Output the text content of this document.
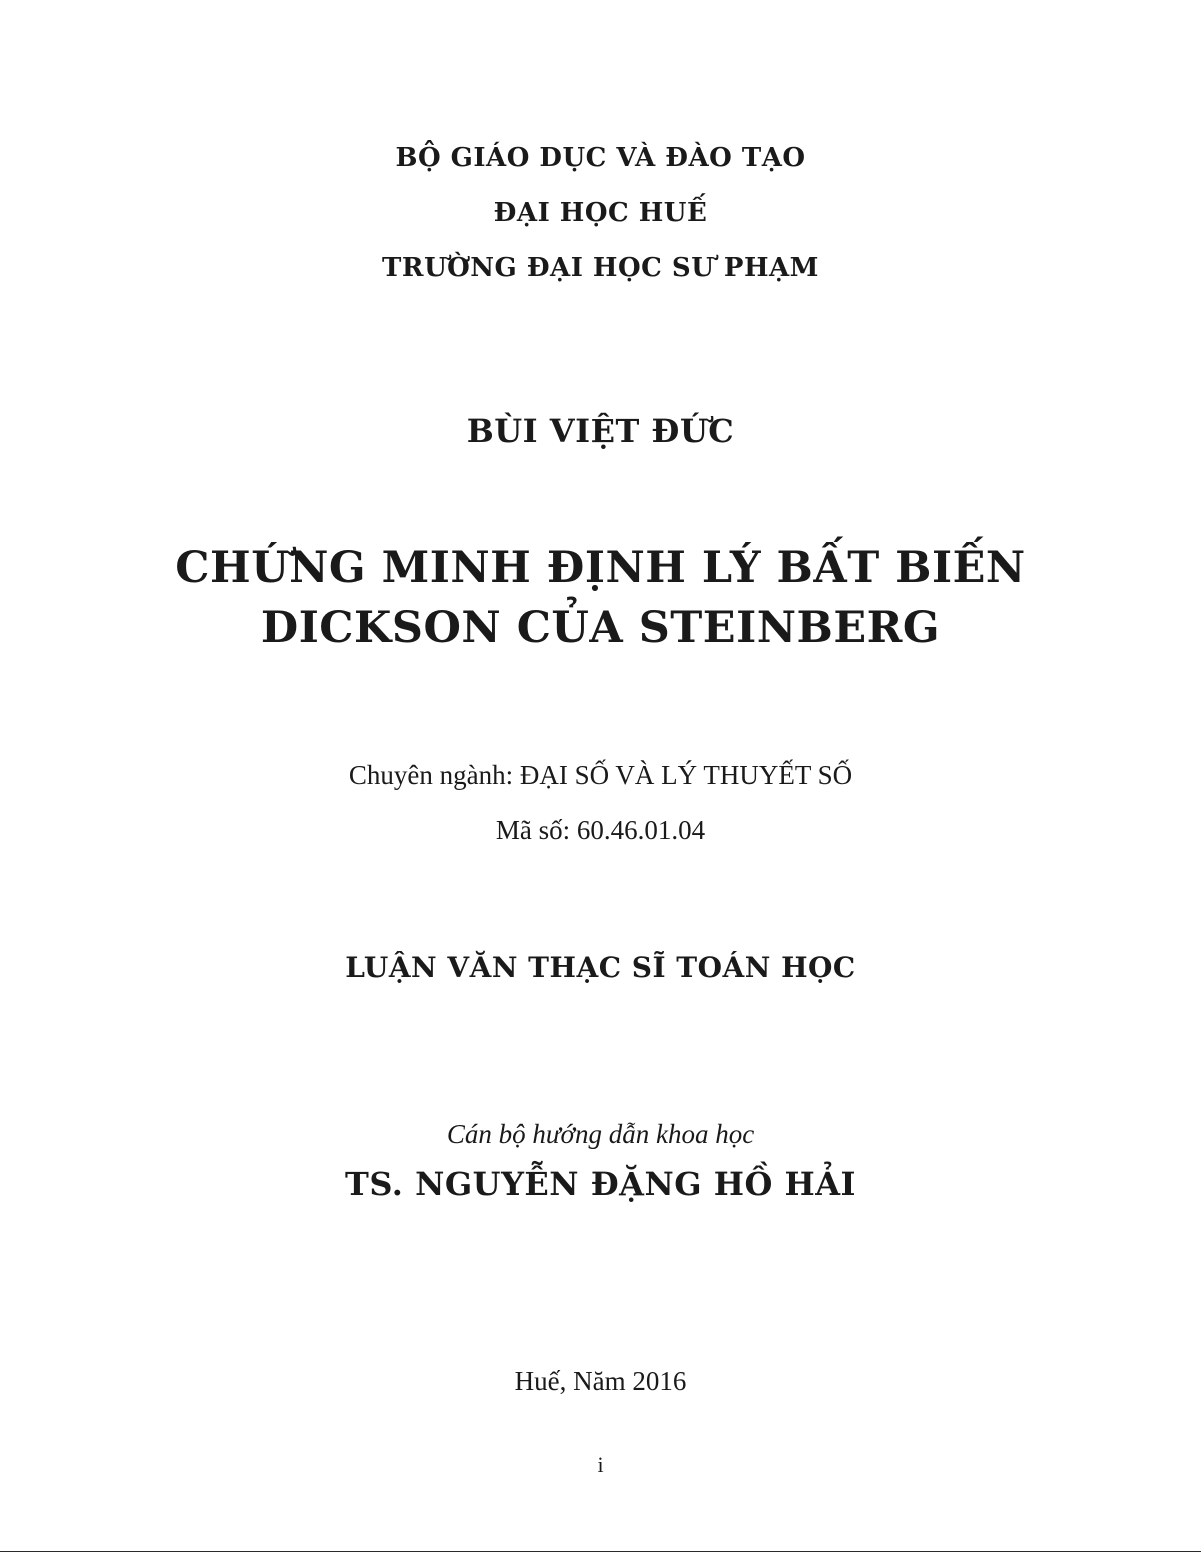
BỘ GIÁO DỤC VÀ ĐÀO TẠO
ĐẠI HỌC HUẾ
TRƯỜNG ĐẠI HỌC SƯ PHẠM
BÙI VIỆT ĐỨC
CHỨNG MINH ĐỊNH LÝ BẤT BIẾN
DICKSON CỦA STEINBERG
Chuyên ngành: ĐẠI SỐ VÀ LÝ THUYẾT SỐ
Mã số: 60.46.01.04
LUẬN VĂN THẠC SĨ TOÁN HỌC
Cán bộ hướng dẫn khoa học
TS. NGUYỄN ĐẶNG HỒ HẢI
Huế, Năm 2016
i
